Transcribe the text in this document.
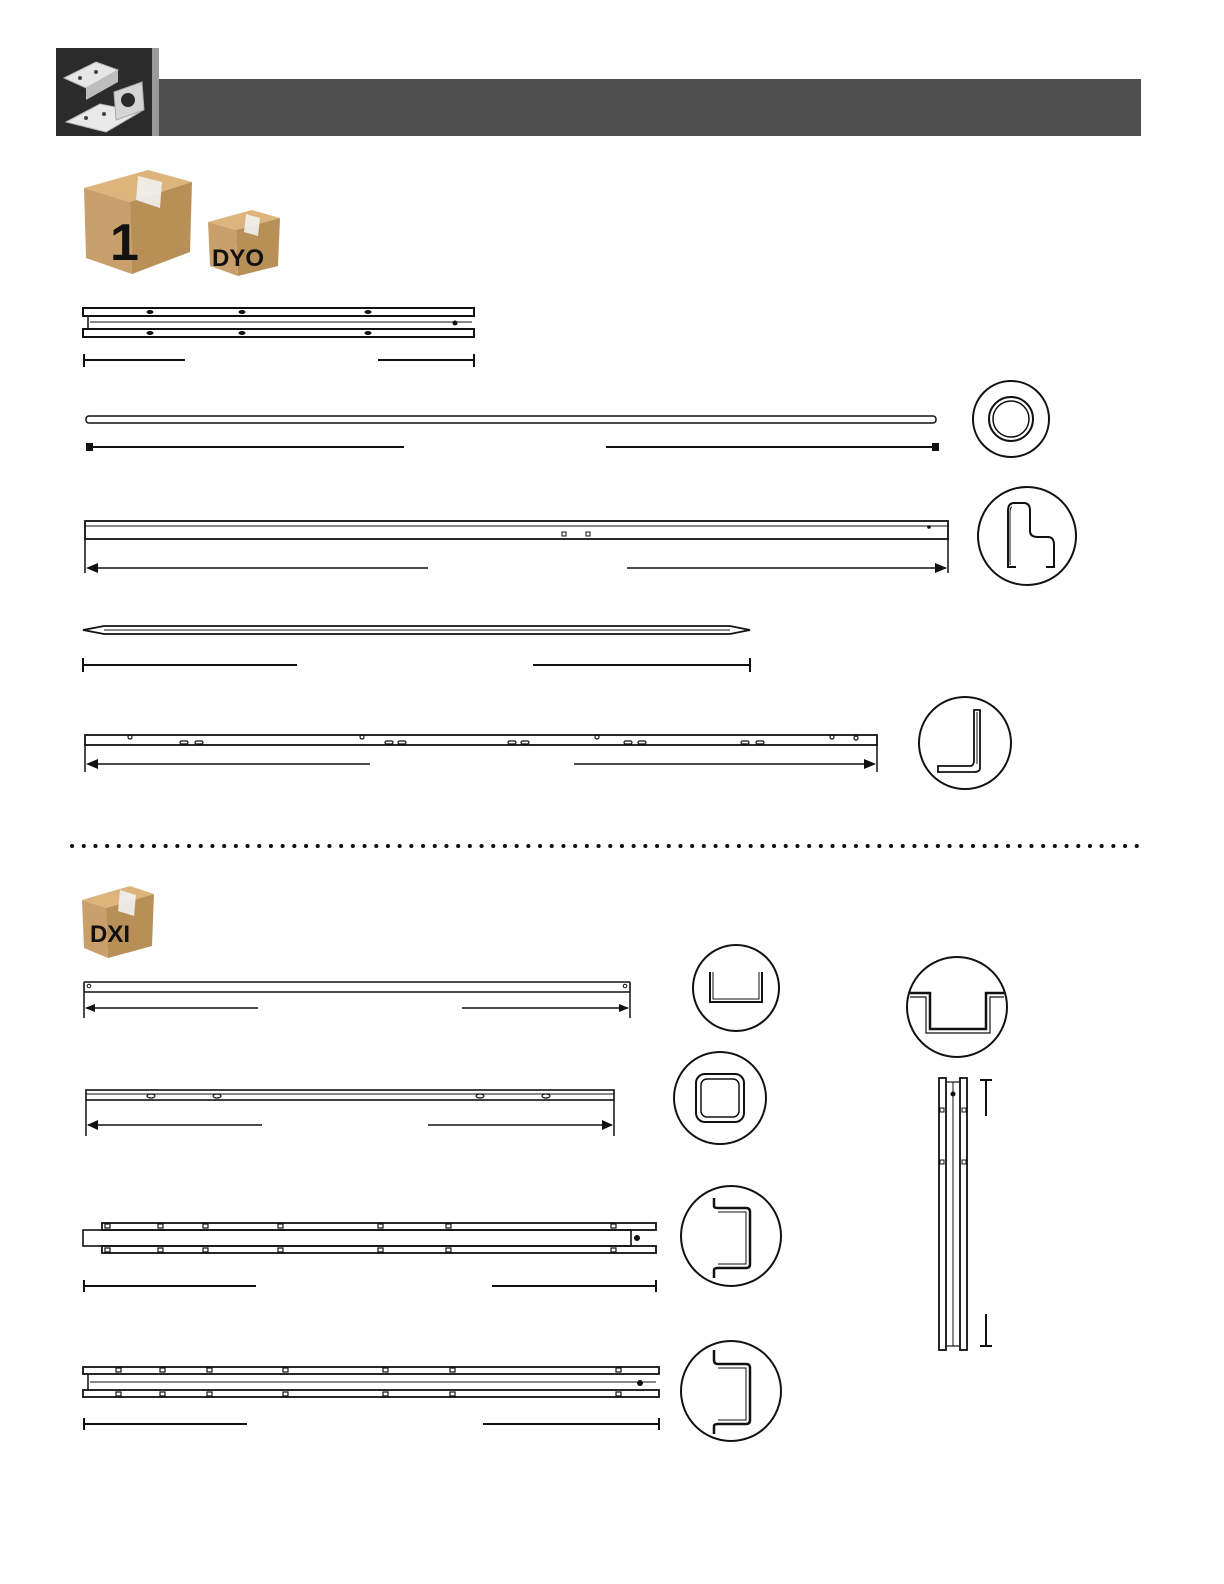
1	DYO
DXI
